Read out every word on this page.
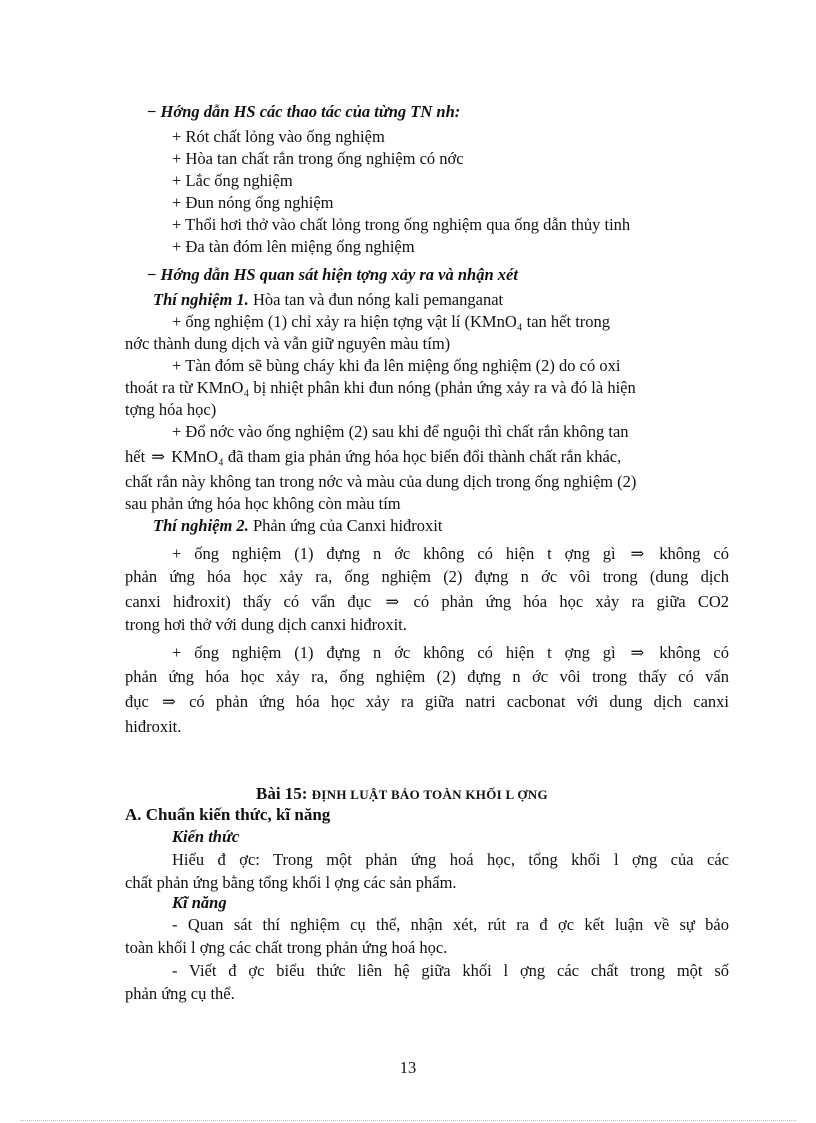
− Hớng dẫn HS các thao tác của từng TN nh:
+ Rót chất lỏng vào ống nghiệm
+ Hòa tan chất rắn trong ống nghiệm có nớc
+ Lắc ống nghiệm
+ Đun nóng ống nghiệm
+ Thổi hơi thở vào chất lỏng trong ống nghiệm qua ống dẫn thủy tinh
+ Đa tàn đóm lên miệng ống nghiệm
− Hớng dẫn HS quan sát hiện tợng xảy ra và nhận xét
Thí nghiệm 1. Hòa tan và đun nóng kali pemanganat
+ ống nghiệm (1) chỉ xảy ra hiện tợng vật lí (KMnO₄ tan hết trong
nớc thành dung dịch và vẫn giữ nguyên màu tím)
+ Tàn đóm sẽ bùng cháy khi đa lên miệng ống nghiệm (2) do có oxi
thoát ra từ KMnO₄ bị nhiệt phân khi đun nóng (phản ứng xảy ra và đó là hiện
tợng hóa học)
+ Đổ nớc vào ống nghiệm (2) sau khi để nguội thì chất rắn không tan
hết ⇒ KMnO₄ đã tham gia phản ứng hóa học biến đổi thành chất rắn khác,
chất rắn này không tan trong nớc và màu của dung dịch trong ống nghiệm (2)
sau phản ứng hóa học không còn màu tím
Thí nghiệm 2. Phản ứng của Canxi hiđroxit
+ ống nghiệm (1) đựng n ớc không có hiện t ợng gì ⇒ không có
phản ứng hóa học xảy ra, ống nghiệm (2) đựng n ớc vôi trong (dung dịch
canxi hiđroxit) thấy có vẩn đục ⇒ có phản ứng hóa học xảy ra giữa CO2
trong hơi thở với dung dịch canxi hiđroxit.
+ ống nghiệm (1) đựng n ớc không có hiện t ợng gì ⇒ không có
phản ứng hóa học xảy ra, ống nghiệm (2) đựng n ớc vôi trong thấy có vẩn
đục ⇒ có phản ứng hóa học xảy ra giữa natri cacbonat với dung dịch canxi
hiđroxit.
Bài 15: ĐỊNH LUẬT BẢO TOÀN KHỐI L ỢNG
A. Chuẩn kiến thức, kĩ năng
Kiến thức
Hiểu đ ợc: Trong một phản ứng hoá học, tổng khối l ợng của các
chất phản ứng bằng tổng khối l ợng các sản phẩm.
Kĩ năng
- Quan sát thí nghiệm cụ thể, nhận xét, rút ra đ ợc kết luận về sự bảo
toàn khối l ợng các chất trong phản ứng hoá học.
- Viết đ ợc biểu thức liên hệ giữa khối l ợng các chất trong một số
phản ứng cụ thể.
13
